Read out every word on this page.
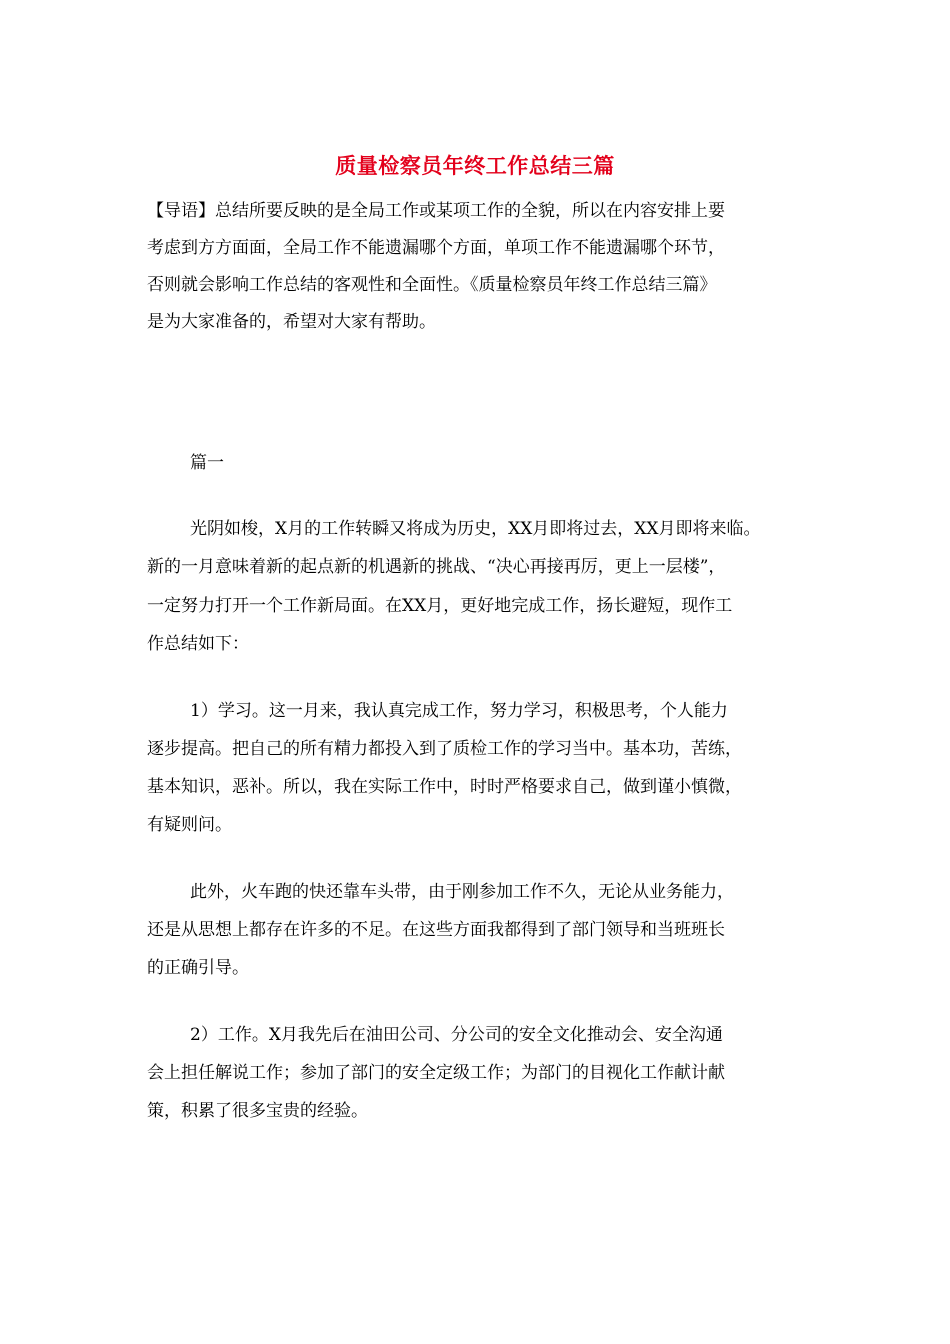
质量检察员年终工作总结三篇
【导语】总结所要反映的是全局工作或某项工作的全貌，所以在内容安排上要
考虑到方方面面，全局工作不能遗漏哪个方面，单项工作不能遗漏哪个环节，
否则就会影响工作总结的客观性和全面性。《质量检察员年终工作总结三篇》
是为大家准备的，希望对大家有帮助。
篇一
光阴如梭，X月的工作转瞬又将成为历史，XX月即将过去，XX月即将来临。
新的一月意味着新的起点新的机遇新的挑战、“决心再接再厉，更上一层楼”，
一定努力打开一个工作新局面。在XX月，更好地完成工作，扬长避短，现作工
作总结如下：
1）学习。这一月来，我认真完成工作，努力学习，积极思考，个人能力
逐步提高。把自己的所有精力都投入到了质检工作的学习当中。基本功，苦练，
基本知识，恶补。所以，我在实际工作中，时时严格要求自己，做到谨小慎微，
有疑则问。
此外，火车跑的快还靠车头带，由于刚参加工作不久，无论从业务能力，
还是从思想上都存在许多的不足。在这些方面我都得到了部门领导和当班班长
的正确引导。
2）工作。X月我先后在油田公司、分公司的安全文化推动会、安全沟通
会上担任解说工作；参加了部门的安全定级工作；为部门的目视化工作献计献
策，积累了很多宝贵的经验。
